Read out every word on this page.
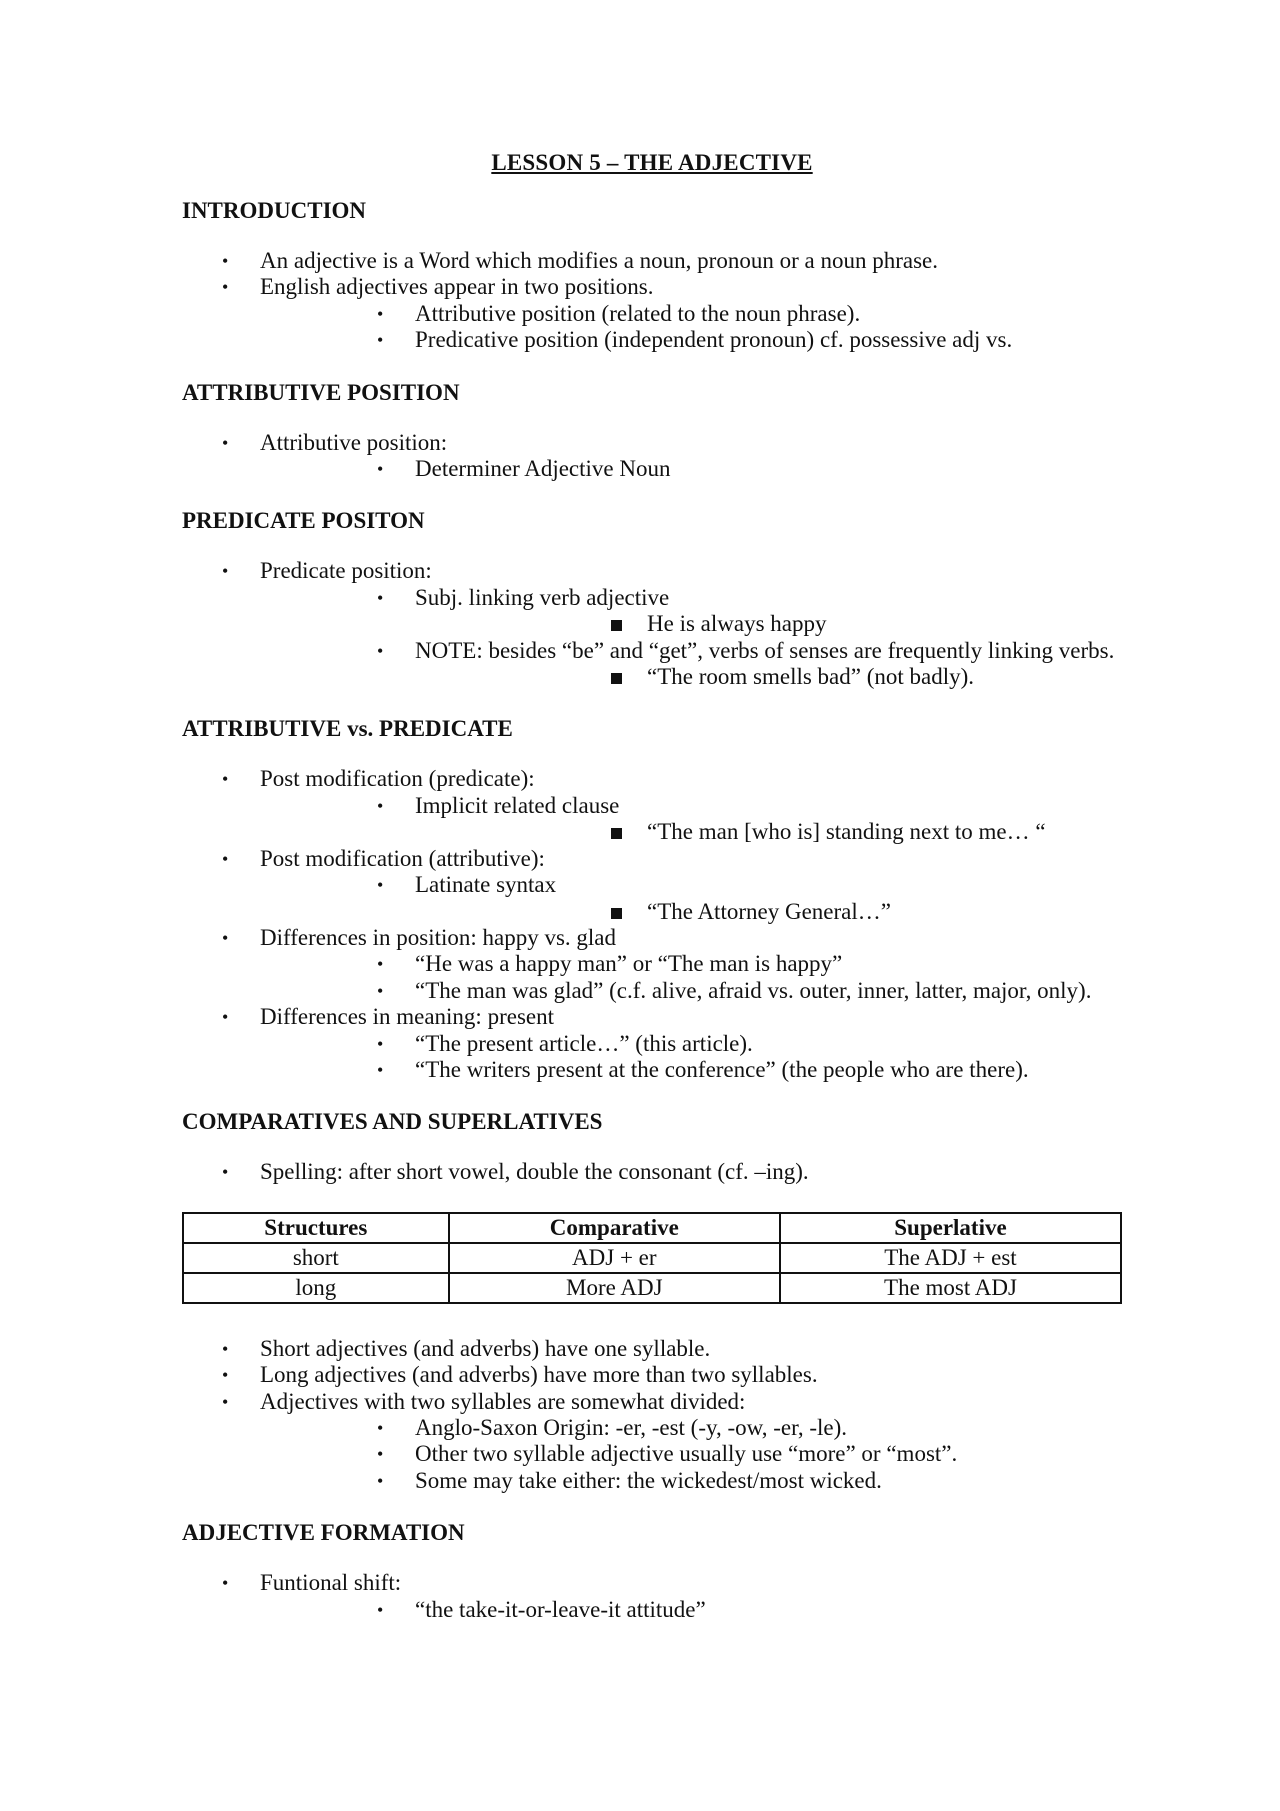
LESSON 5 – THE ADJECTIVE
INTRODUCTION
• An adjective is a Word which modifies a noun, pronoun or a noun phrase.
• English adjectives appear in two positions.
• Attributive position (related to the noun phrase).
• Predicative position (independent pronoun) cf. possessive adj vs.
ATTRIBUTIVE POSITION
• Attributive position:
• Determiner Adjective Noun
PREDICATE POSITON
• Predicate position:
• Subj. linking verb adjective
He is always happy
• NOTE: besides “be” and “get”, verbs of senses are frequently linking verbs.
“The room smells bad” (not badly).
ATTRIBUTIVE vs. PREDICATE
• Post modification (predicate):
• Implicit related clause
“The man [who is] standing next to me… “
• Post modification (attributive):
• Latinate syntax
“The Attorney General…”
• Differences in position: happy vs. glad
• “He was a happy man” or “The man is happy”
• “The man was glad” (c.f. alive, afraid vs. outer, inner, latter, major, only).
• Differences in meaning: present
• “The present article…” (this article).
• “The writers present at the conference” (the people who are there).
COMPARATIVES AND SUPERLATIVES
• Spelling: after short vowel, double the consonant (cf. –ing).
Structures	Comparative	Superlative
short	ADJ + er	The ADJ + est
long	More ADJ	The most ADJ
• Short adjectives (and adverbs) have one syllable.
• Long adjectives (and adverbs) have more than two syllables.
• Adjectives with two syllables are somewhat divided:
• Anglo-Saxon Origin: -er, -est (-y, -ow, -er, -le).
• Other two syllable adjective usually use “more” or “most”.
• Some may take either: the wickedest/most wicked.
ADJECTIVE FORMATION
• Funtional shift:
• “the take-it-or-leave-it attitude”
